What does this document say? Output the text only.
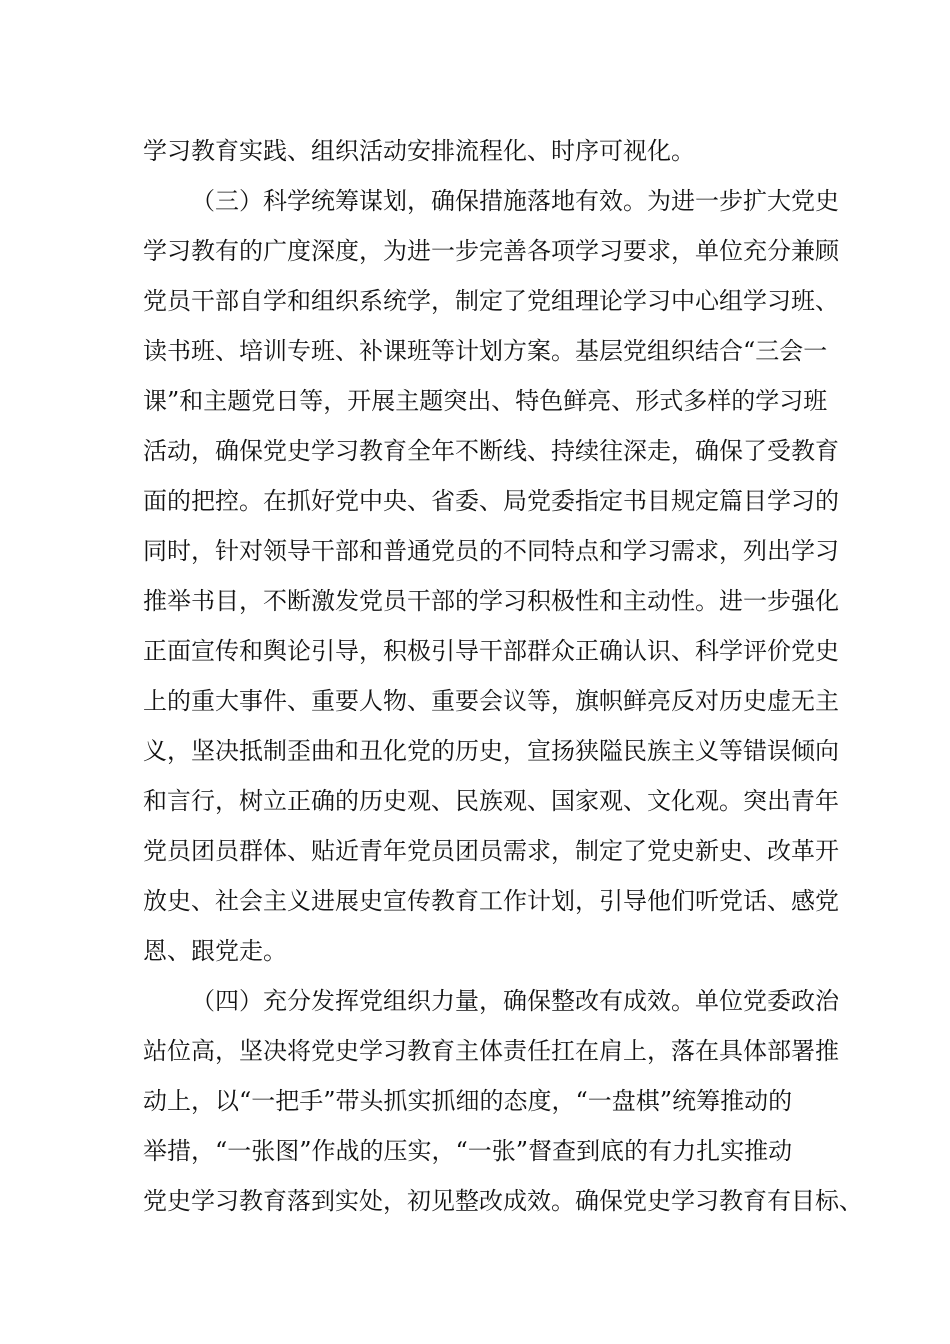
学习教育实践、组织活动安排流程化、时序可视化。
（三）科学统筹谋划，确保措施落地有效。为进一步扩大党史
学习教有的广度深度，为进一步完善各项学习要求，单位充分兼顾
党员干部自学和组织系统学，制定了党组理论学习中心组学习班、
读书班、培训专班、补课班等计划方案。基层党组织结合“三会一
课”和主题党日等，开展主题突出、特色鲜亮、形式多样的学习班
活动，确保党史学习教育全年不断线、持续往深走，确保了受教育
面的把控。在抓好党中央、省委、局党委指定书目规定篇目学习的
同时，针对领导干部和普通党员的不同特点和学习需求，列出学习
推举书目，不断激发党员干部的学习积极性和主动性。进一步强化
正面宣传和舆论引导，积极引导干部群众正确认识、科学评价党史
上的重大事件、重要人物、重要会议等，旗帜鲜亮反对历史虚无主
义，坚决抵制歪曲和丑化党的历史，宣扬狭隘民族主义等错误倾向
和言行，树立正确的历史观、民族观、国家观、文化观。突出青年
党员团员群体、贴近青年党员团员需求，制定了党史新史、改革开
放史、社会主义进展史宣传教育工作计划，引导他们听党话、感党
恩、跟党走。
（四）充分发挥党组织力量，确保整改有成效。单位党委政治
站位高，坚决将党史学习教育主体责任扛在肩上，落在具体部署推
动上，以“一把手”带头抓实抓细的态度，“一盘棋”统筹推动的
举措，“一张图”作战的压实，“一张”督查到底的有力扎实推动
党史学习教育落到实处，初见整改成效。确保党史学习教育有目标、
